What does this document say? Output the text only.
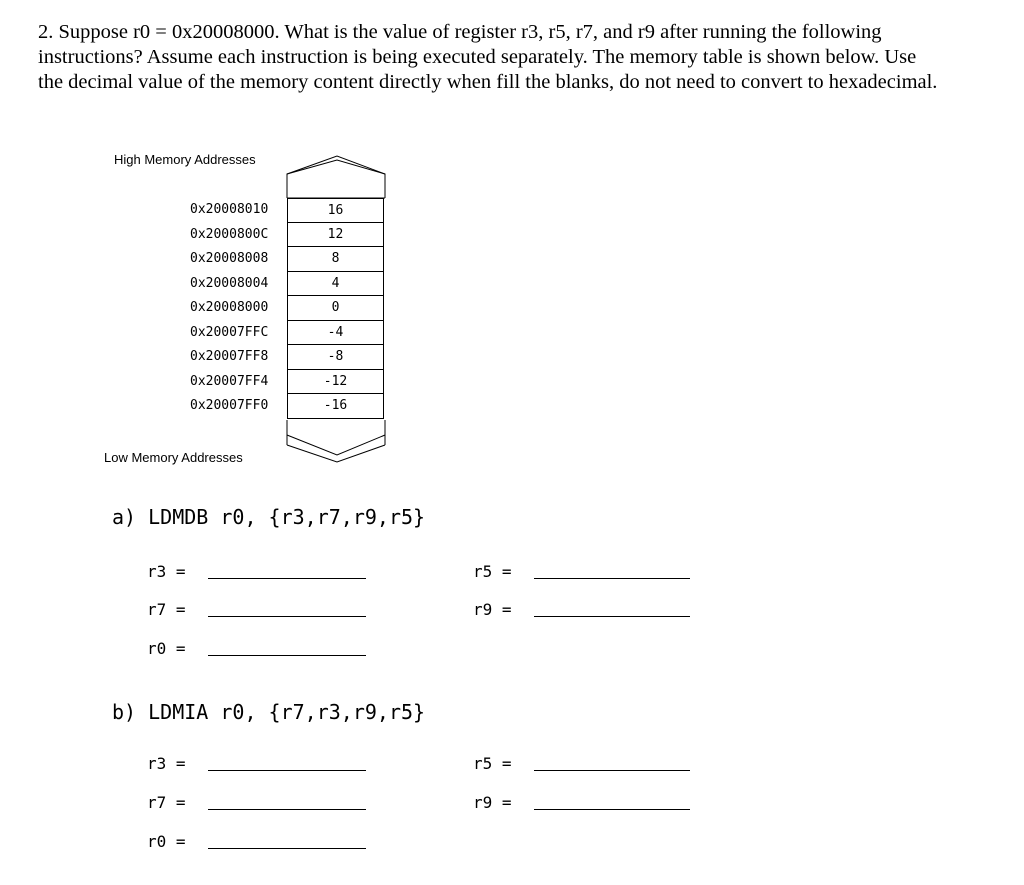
2. Suppose r0 = 0x20008000. What is the value of register r3, r5, r7, and r9 after running the following
instructions? Assume each instruction is being executed separately. The memory table is shown below. Use
the decimal value of the memory content directly when fill the blanks, do not need to convert to hexadecimal.
High Memory Addresses
Low Memory Addresses
0x20008010
0x2000800C
0x20008008
0x20008004
0x20008000
0x20007FFC
0x20007FF8
0x20007FF4
0x20007FF0
16
12
8
4
0
-4
-8
-12
-16
a) LDMDB r0, {r3,r7,r9,r5}
r3 =
r7 =
r0 =
r5 =
r9 =
b) LDMIA r0, {r7,r3,r9,r5}
r3 =
r7 =
r0 =
r5 =
r9 =
